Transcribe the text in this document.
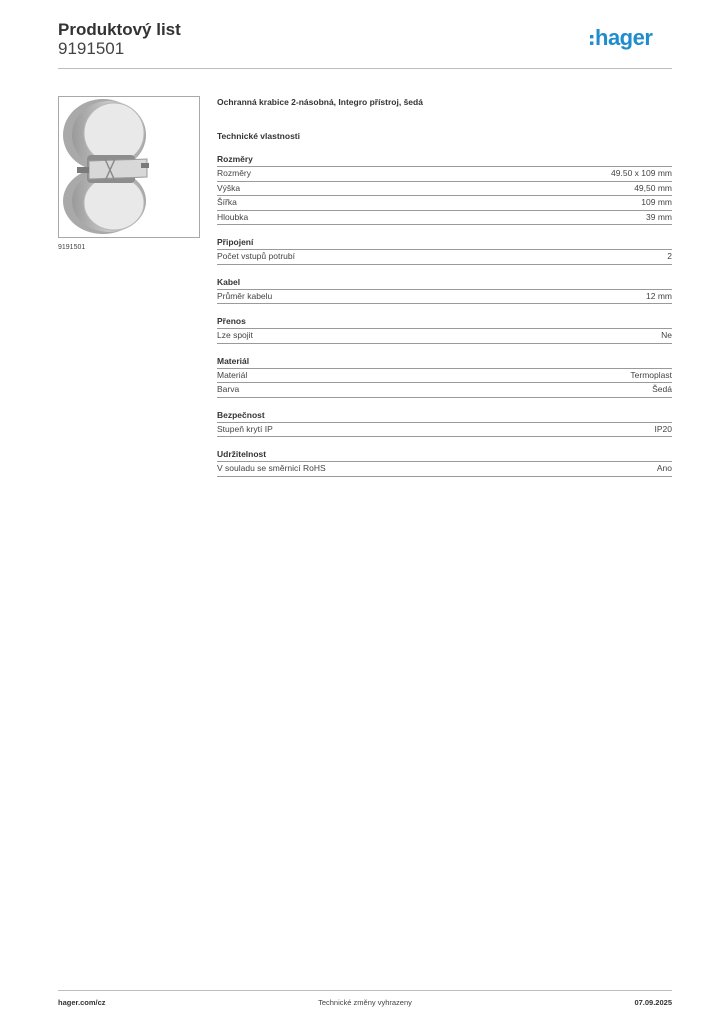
Produktový list
9191501	hager
9191501
Ochranná krabice 2-násobná, Integro přístroj, šedá
Technické vlastnosti
Rozměry
Rozměry	49.50 x 109 mm
Výška	49,50 mm
Šířka	109 mm
Hloubka	39 mm
Připojení
Počet vstupů potrubí	2
Kabel
Průměr kabelu	12 mm
Přenos
Lze spojit	Ne
Materiál
Materiál	Termoplast
Barva	Šedá
Bezpečnost
Stupeň krytí IP	IP20
Udržitelnost
V souladu se směrnicí RoHS	Ano
hager.com/cz	Technické změny vyhrazeny	07.09.2025
